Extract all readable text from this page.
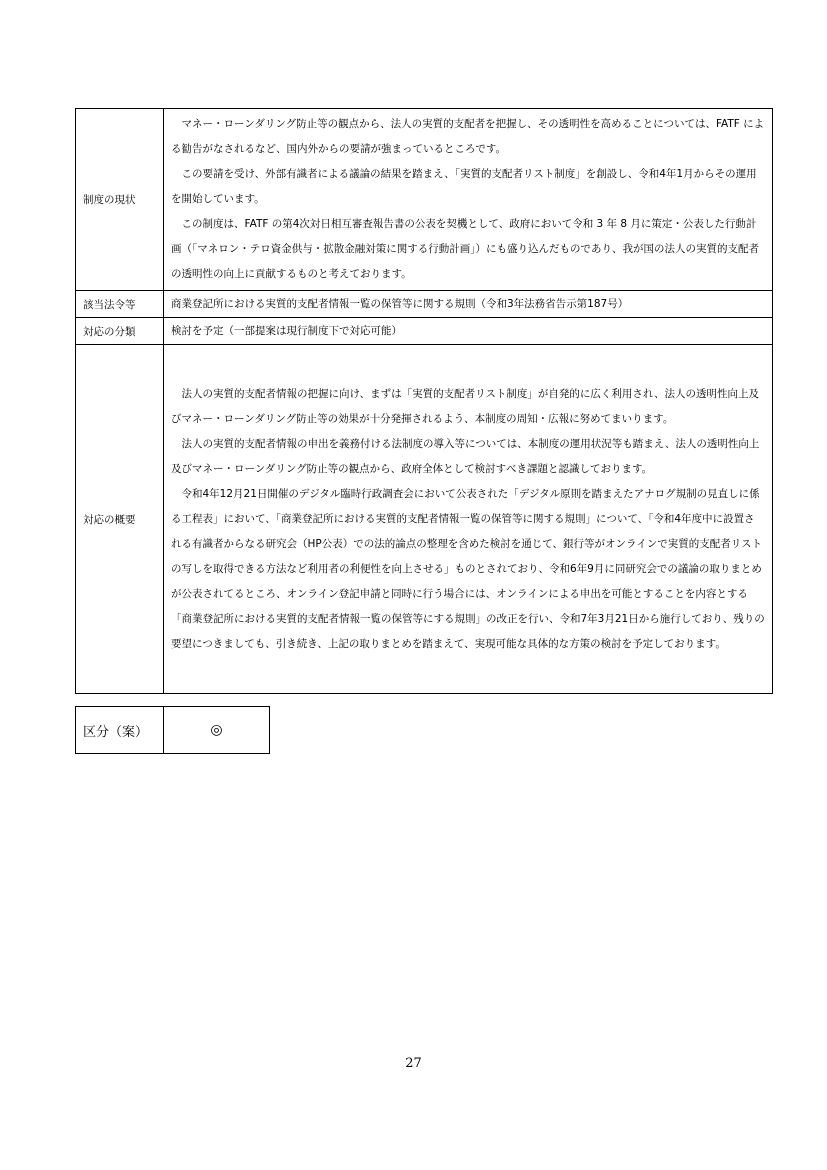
制度の現状	　マネー・ローンダリング防止等の観点から、法人の実質的支配者を把握し、その透明性を高めることについては、FATF による勧告がなされるなど、国内外からの要請が強まっているところです。

　この要請を受け、外部有識者による議論の結果を踏まえ、「実質的支配者リスト制度」を創設し、令和4年1月からその運用を開始しています。

　この制度は、FATF の第4次対日相互審査報告書の公表を契機として、政府において令和 3 年 8 月に策定・公表した行動計画（「マネロン・テロ資金供与・拡散金融対策に関する行動計画」）にも盛り込んだものであり、我が国の法人の実質的支配者の透明性の向上に貢献するものと考えております。

該当法令等	商業登記所における実質的支配者情報一覧の保管等に関する規則（令和3年法務省告示第187号）

対応の分類	検討を予定（一部提案は現行制度下で対応可能）

対応の概要	　法人の実質的支配者情報の把握に向け、まずは「実質的支配者リスト制度」が自発的に広く利用され、法人の透明性向上及びマネー・ローンダリング防止等の効果が十分発揮されるよう、本制度の周知・広報に努めてまいります。

　法人の実質的支配者情報の申出を義務付ける法制度の導入等については、本制度の運用状況等も踏まえ、法人の透明性向上及びマネー・ローンダリング防止等の観点から、政府全体として検討すべき課題と認識しております。

　令和4年12月21日開催のデジタル臨時行政調査会において公表された「デジタル原則を踏まえたアナログ規制の見直しに係る工程表」において、「商業登記所における実質的支配者情報一覧の保管等に関する規則」について、「令和4年度中に設置される有識者からなる研究会（HP公表）での法的論点の整理を含めた検討を通じて、銀行等がオンラインで実質的支配者リストの写しを取得できる方法など利用者の利便性を向上させる」ものとされており、令和6年9月に同研究会での議論の取りまとめが公表されてるところ、オンライン登記申請と同時に行う場合には、オンラインによる申出を可能とすることを内容とする「商業登記所における実質的支配者情報一覧の保管等にする規則」の改正を行い、令和7年3月21日から施行しており、残りの要望につきましても、引き続き、上記の取りまとめを踏まえて、実現可能な具体的な方策の検討を予定しております。

区分（案）	◎
27
